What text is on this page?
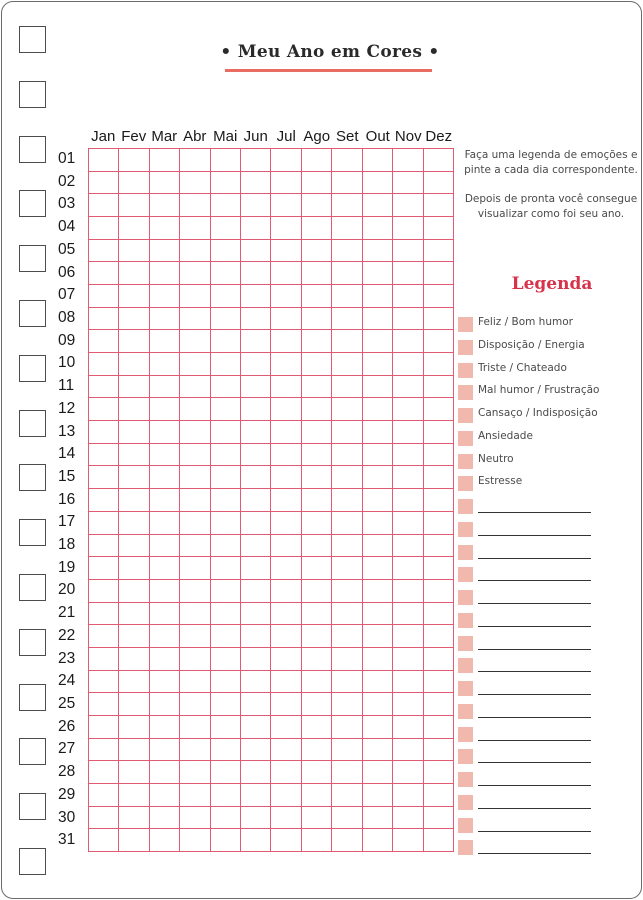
• Meu Ano em Cores •
Jan Fev Mar Abr Mai Jun Jul Ago Set Out Nov Dez
01
02
03
04
05
06
07
08
09
10
11
12
13
14
15
16
17
18
19
20
21
22
23
24
25
26
27
28
29
30
31

Faça uma legenda de emoções e pinte a cada dia correspondente.

Depois de pronta você consegue visualizar como foi seu ano.

Legenda
Feliz / Bom humor
Disposição / Energia
Triste / Chateado
Mal humor / Frustração
Cansaço / Indisposição
Ansiedade
Neutro
Estresse
